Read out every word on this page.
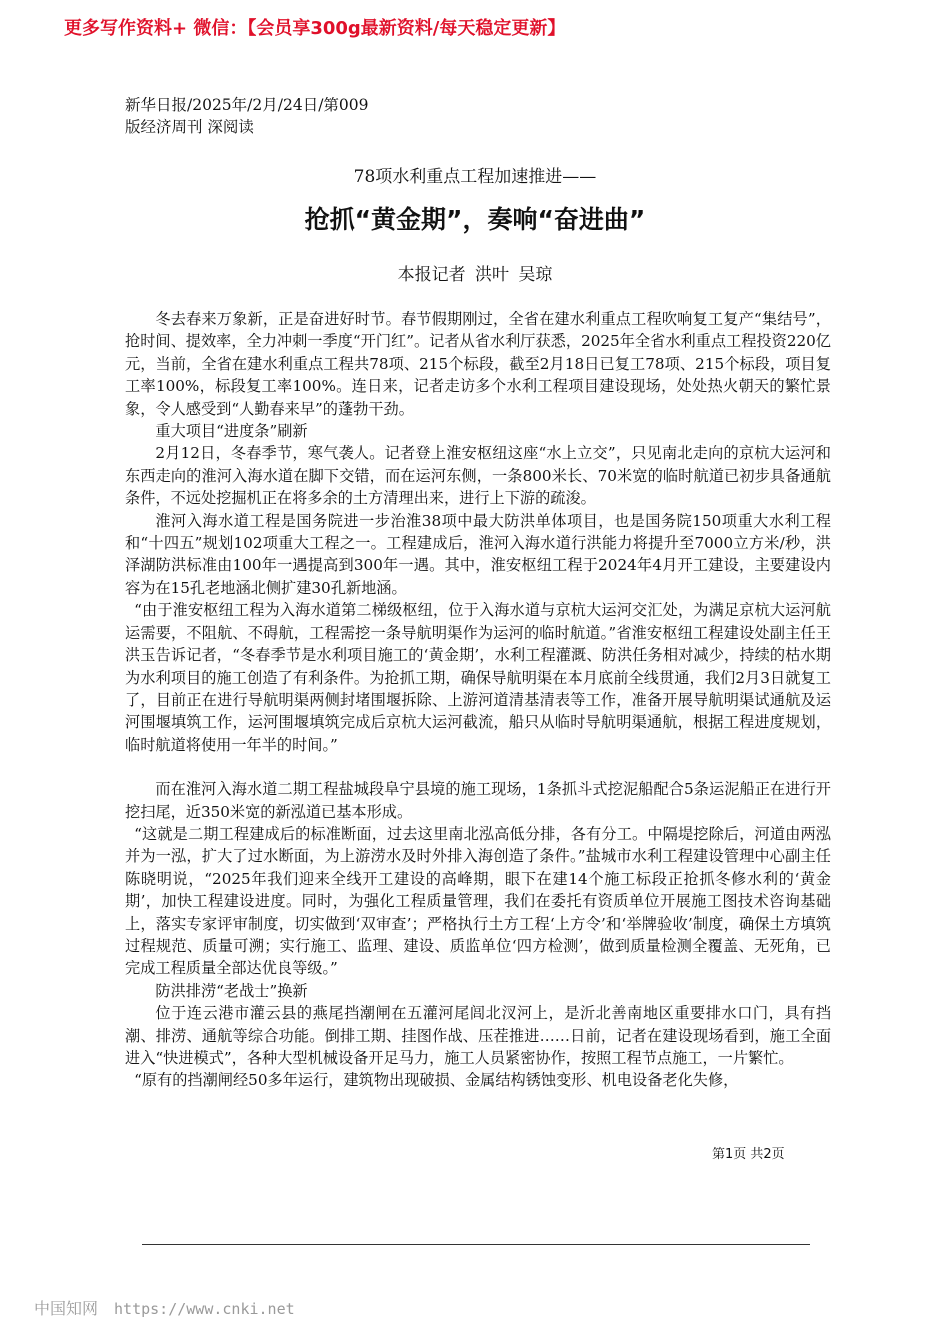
更多写作资料+ 微信：【会员享300g最新资料/每天稳定更新】
新华日报/2025年/2月/24日/第009
版经济周刊 深阅读
78项水利重点工程加速推进——
抢抓“黄金期”，奏响“奋进曲”
本报记者 洪叶 吴琼

冬去春来万象新，正是奋进好时节。春节假期刚过，全省在建水利重点工程吹响复工复产“集结号”，抢时间、提效率，全力冲刺一季度“开门红”。记者从省水利厅获悉，2025年全省水利重点工程投资220亿元，当前，全省在建水利重点工程共78项、215个标段，截至2月18日已复工78项、215个标段，项目复工率100%，标段复工率100%。连日来，记者走访多个水利工程项目建设现场，处处热火朝天的繁忙景象，令人感受到“人勤春来早”的蓬勃干劲。

重大项目“进度条”刷新

2月12日，冬春季节，寒气袭人。记者登上淮安枢纽这座“水上立交”，只见南北走向的京杭大运河和东西走向的淮河入海水道在脚下交错，而在运河东侧，一条800米长、70米宽的临时航道已初步具备通航条件，不远处挖掘机正在将多余的土方清理出来，进行上下游的疏浚。

淮河入海水道工程是国务院进一步治淮38项中最大防洪单体项目，也是国务院150项重大水利工程和“十四五”规划102项重大工程之一。工程建成后，淮河入海水道行洪能力将提升至7000立方米/秒，洪泽湖防洪标准由100年一遇提高到300年一遇。其中，淮安枢纽工程于2024年4月开工建设，主要建设内容为在15孔老地涵北侧扩建30孔新地涵。

“由于淮安枢纽工程为入海水道第二梯级枢纽，位于入海水道与京杭大运河交汇处，为满足京杭大运河航运需要，不阻航、不碍航，工程需挖一条导航明渠作为运河的临时航道。”省淮安枢纽工程建设处副主任王洪玉告诉记者，“冬春季节是水利项目施工的‘黄金期’，水利工程灌溉、防洪任务相对减少，持续的枯水期为水利项目的施工创造了有利条件。为抢抓工期，确保导航明渠在本月底前全线贯通，我们2月3日就复工了，目前正在进行导航明渠两侧封堵围堰拆除、上游河道清基清表等工作，准备开展导航明渠试通航及运河围堰填筑工作，运河围堰填筑完成后京杭大运河截流，船只从临时导航明渠通航，根据工程进度规划，临时航道将使用一年半的时间。”

而在淮河入海水道二期工程盐城段阜宁县境的施工现场，1条抓斗式挖泥船配合5条运泥船正在进行开挖扫尾，近350米宽的新泓道已基本形成。

“这就是二期工程建成后的标准断面，过去这里南北泓高低分排，各有分工。中隔堤挖除后，河道由两泓并为一泓，扩大了过水断面，为上游涝水及时外排入海创造了条件。”盐城市水利工程建设管理中心副主任陈晓明说，“2025年我们迎来全线开工建设的高峰期，眼下在建14个施工标段正抢抓冬修水利的‘黄金期’，加快工程建设进度。同时，为强化工程质量管理，我们在委托有资质单位开展施工图技术咨询基础上，落实专家评审制度，切实做到‘双审查’；严格执行土方工程‘上方令’和‘举牌验收’制度，确保土方填筑过程规范、质量可溯；实行施工、监理、建设、质监单位‘四方检测’，做到质量检测全覆盖、无死角，已完成工程质量全部达优良等级。”

防洪排涝“老战士”换新

位于连云港市灌云县的燕尾挡潮闸在五灌河尾闾北汊河上，是沂北善南地区重要排水口门，具有挡潮、排涝、通航等综合功能。倒排工期、挂图作战、压茬推进……日前，记者在建设现场看到，施工全面进入“快进模式”，各种大型机械设备开足马力，施工人员紧密协作，按照工程节点施工，一片繁忙。

“原有的挡潮闸经50多年运行，建筑物出现破损、金属结构锈蚀变形、机电设备老化失修，

第1页 共2页
中国知网 https://www.cnki.net
